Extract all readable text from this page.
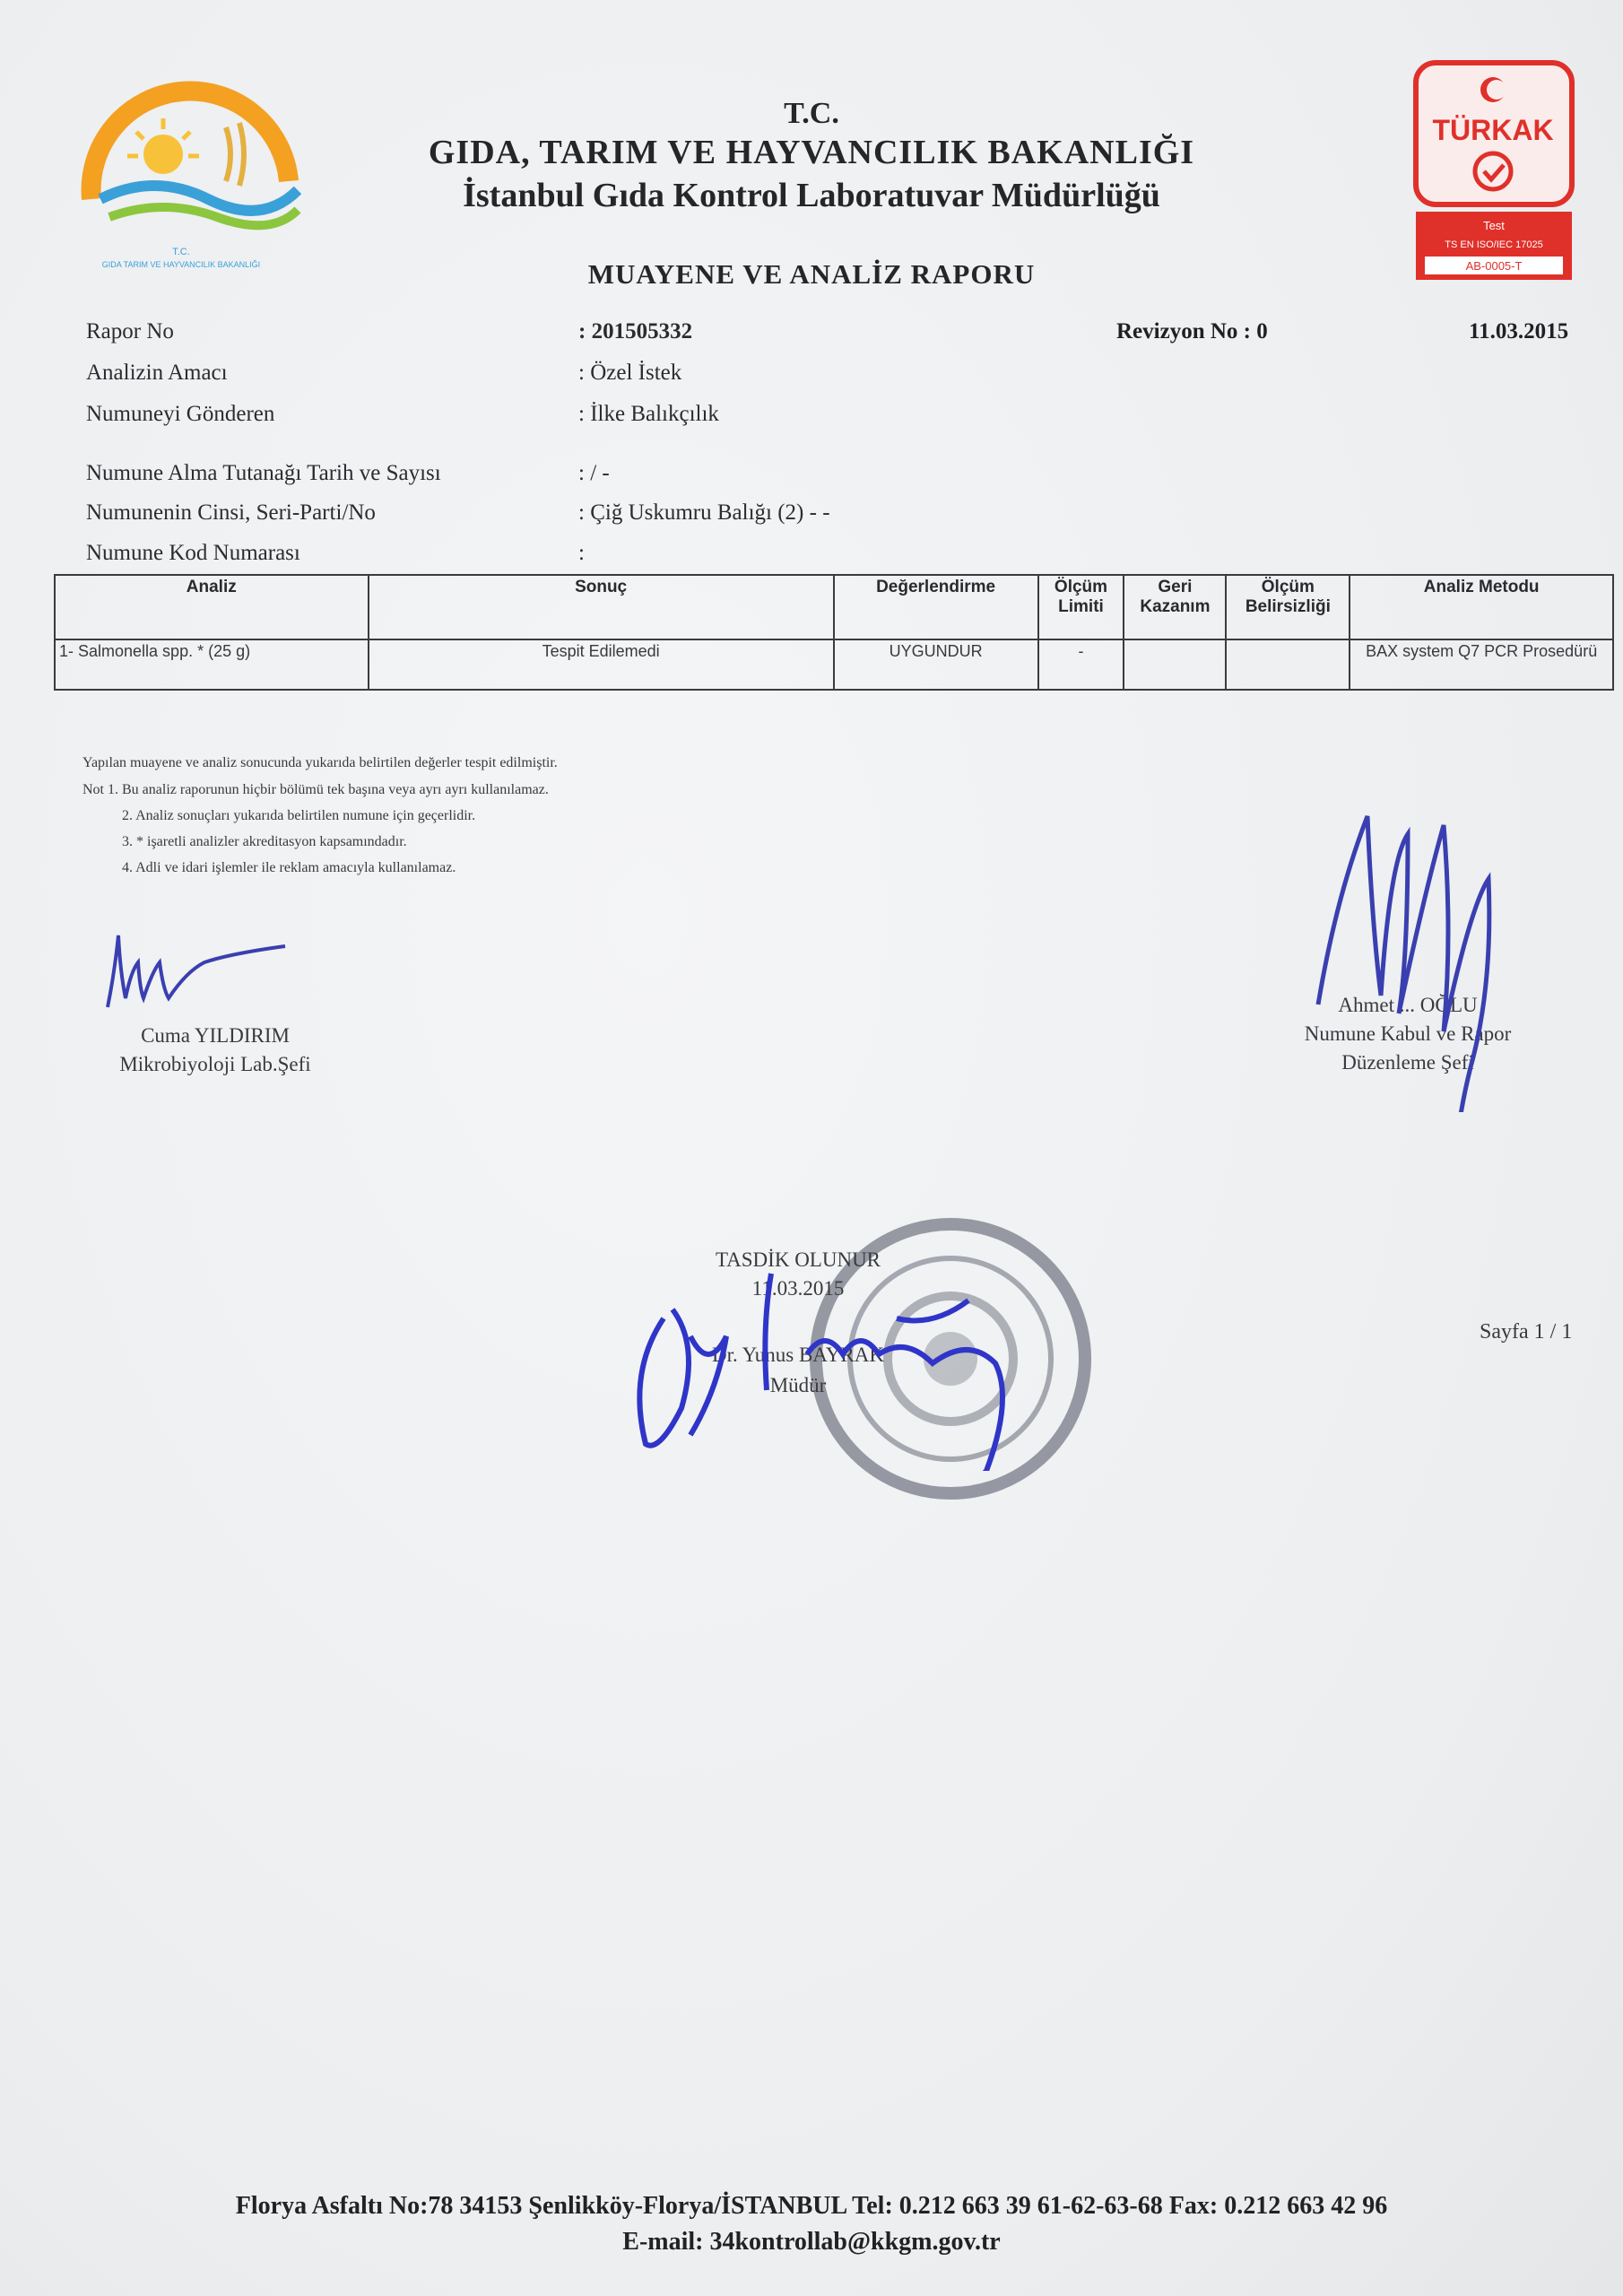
T.C.
GIDA TARIM VE HAYVANCILIK BAKANLIĞI
TÜRKAK
Test
TS EN ISO/IEC 17025
AB-0005-T
T.C.
GIDA, TARIM VE HAYVANCILIK BAKANLIĞI
İstanbul Gıda Kontrol Laboratuvar Müdürlüğü
MUAYENE VE ANALİZ RAPORU
Rapor No	: 201505332	Revizyon No : 0	11.03.2015
Analizin Amacı	: Özel İstek
Numuneyi Gönderen	: İlke Balıkçılık
Numune Alma Tutanağı Tarih ve Sayısı	: / -
Numunenin Cinsi, Seri-Parti/No	: Çiğ Uskumru Balığı (2) - -
Numune Kod Numarası	:
Analiz	Sonuç	Değerlendirme	Ölçüm Limiti	Geri Kazanım	Ölçüm Belirsizliği	Analiz Metodu
1- Salmonella spp. * (25 g)	Tespit Edilemedi	UYGUNDUR	-			BAX system Q7 PCR Prosedürü
Yapılan muayene ve analiz sonucunda yukarıda belirtilen değerler tespit edilmiştir.
Not 1. Bu analiz raporunun hiçbir bölümü tek başına veya ayrı ayrı kullanılamaz.
2. Analiz sonuçları yukarıda belirtilen numune için geçerlidir.
3. * işaretli analizler akreditasyon kapsamındadır.
4. Adli ve idari işlemler ile reklam amacıyla kullanılamaz.
Cuma YILDIRIM
Mikrobiyoloji Lab.Şefi
Ahmet ... OĞLU
Numune Kabul ve Rapor
Düzenleme Şefi
TASDİK OLUNUR
11.03.2015
Dr. Yunus BAYRAK
Müdür
Sayfa 1 / 1
Florya Asfaltı No:78 34153 Şenlikköy-Florya/İSTANBUL Tel: 0.212 663 39 61-62-63-68 Fax: 0.212 663 42 96
E-mail: 34kontrollab@kkgm.gov.tr
